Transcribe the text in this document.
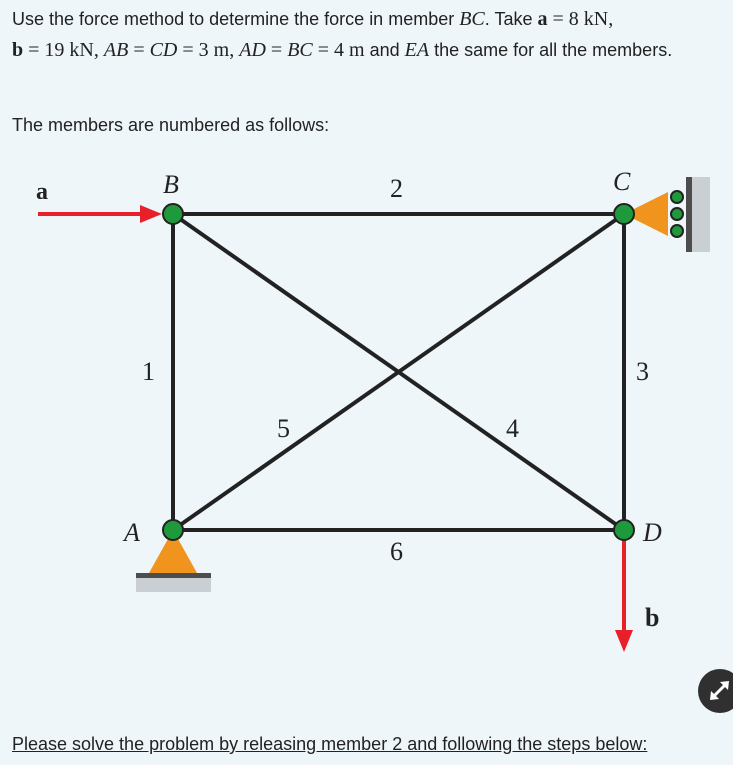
Use the force method to determine the force in member BC. Take a = 8 kN,
b = 19 kN, AB = CD = 3 m, AD = BC = 4 m and EA the same for all the members.
The members are numbered as follows:
B	C
A	D
1
2
3
4
5
6
a
b
Please solve the problem by releasing member 2 and following the steps below:
